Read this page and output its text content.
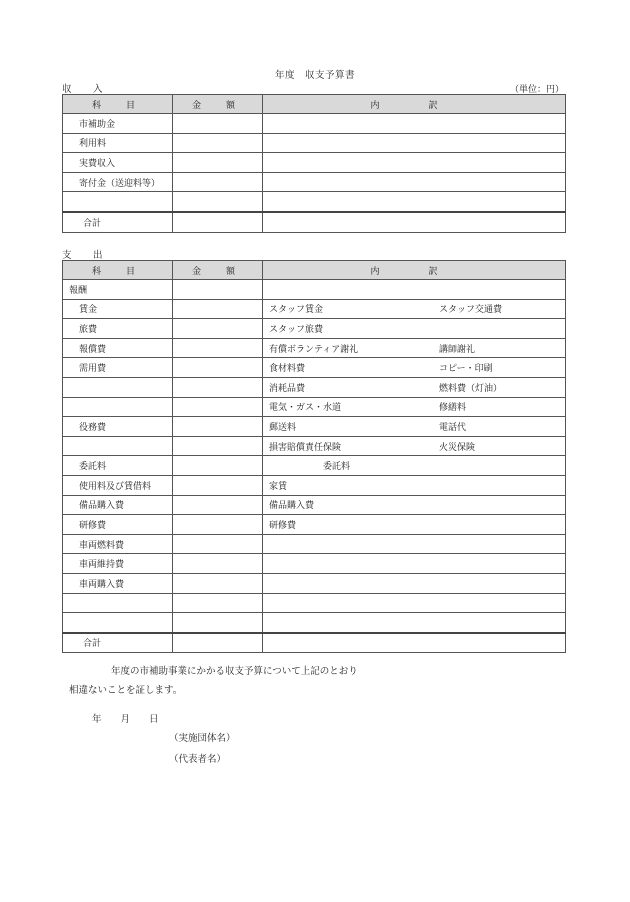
年度　収支予算書
収　入	（単位：円）
科　目	金　額	内　訳
市補助金		
利用料		
実費収入		
寄付金（送迎料等）		

合計		
支　出
科　目	金　額	内　訳
報酬		

賃金		スタッフ賃金 スタッフ交通費

旅費		スタッフ旅費

報償費		有償ボランティア謝礼 講師謝礼

需用費		食材料費 コピー・印刷

		消耗品費 燃料費（灯油）

		電気・ガス・水道 修繕料

役務費		郵送料 電話代

		損害賠償責任保険 火災保険

委託料		委託料

使用料及び賃借料		家賃

備品購入費		備品購入費

研修費		研修費

車両燃料費		

車両維持費		

車両購入費		

合計		
年度の市補助事業にかかる収支予算について上記のとおり
相違ないことを証します。
年　　月　　日
（実施団体名）
（代表者名）
